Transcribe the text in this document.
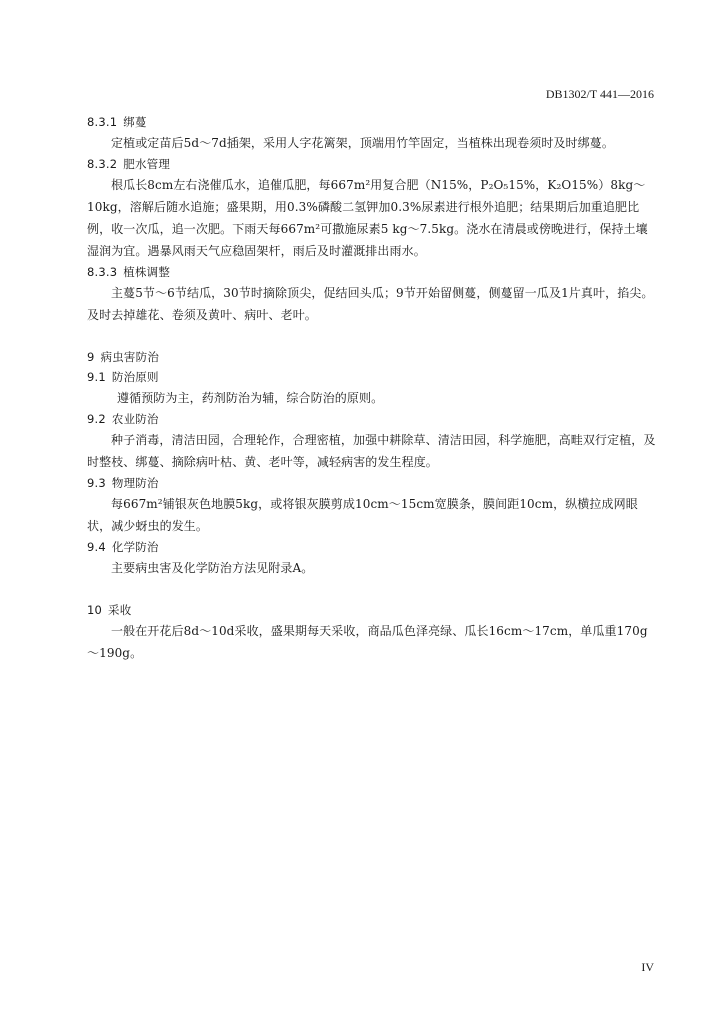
DB1302/T 441—2016

8.3.1 绑蔓

定植或定苗后5d～7d插架，采用人字花篱架，顶端用竹竿固定，当植株出现卷须时及时绑蔓。

8.3.2 肥水管理

根瓜长8cm左右浇催瓜水，追催瓜肥，每667m²用复合肥（N15%，P₂O₅15%，K₂O15%）8kg～10kg，溶解后随水追施；盛果期，用0.3%磷酸二氢钾加0.3%尿素进行根外追肥；结果期后加重追肥比例，收一次瓜，追一次肥。下雨天每667m²可撒施尿素5 kg～7.5kg。浇水在清晨或傍晚进行，保持土壤湿润为宜。遇暴风雨天气应稳固架杆，雨后及时灌溉排出雨水。

8.3.3 植株调整

主蔓5节～6节结瓜，30节时摘除顶尖，促结回头瓜；9节开始留侧蔓，侧蔓留一瓜及1片真叶，掐尖。及时去掉雄花、卷须及黄叶、病叶、老叶。

9 病虫害防治

9.1 防治原则

遵循预防为主，药剂防治为辅，综合防治的原则。

9.2 农业防治

种子消毒，清洁田园，合理轮作，合理密植，加强中耕除草、清洁田园，科学施肥，高畦双行定植，及时整枝、绑蔓、摘除病叶枯、黄、老叶等，减轻病害的发生程度。

9.3 物理防治

每667m²铺银灰色地膜5kg，或将银灰膜剪成10cm～15cm宽膜条，膜间距10cm，纵横拉成网眼状，减少蚜虫的发生。

9.4 化学防治

主要病虫害及化学防治方法见附录A。

10 采收

一般在开花后8d～10d采收，盛果期每天采收，商品瓜色泽亮绿、瓜长16cm～17cm，单瓜重170g～190g。

IV
